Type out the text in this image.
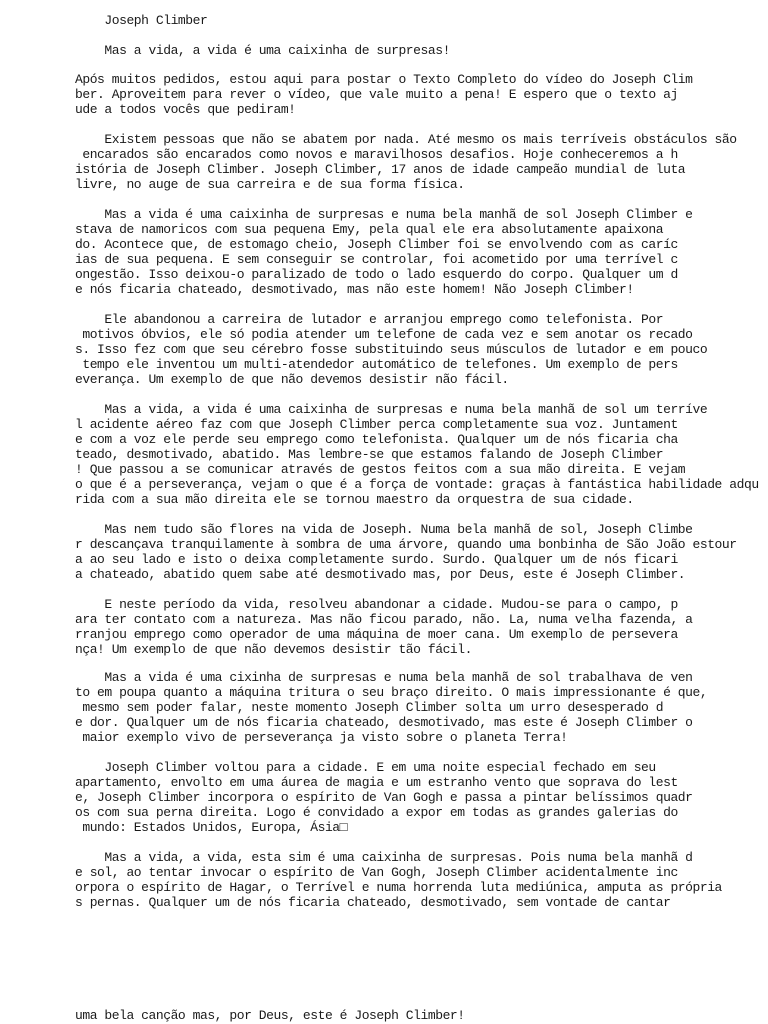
Joseph Climber
Mas a vida, a vida é uma caixinha de surpresas!
Após muitos pedidos, estou aqui para postar o Texto Completo do vídeo do Joseph Clim
ber. Aproveitem para rever o vídeo, que vale muito a pena! E espero que o texto aj
ude a todos vocês que pediram!
Existem pessoas que não se abatem por nada. Até mesmo os mais terríveis obstáculos são
encarados são encarados como novos e maravilhosos desafios. Hoje conheceremos a h
istória de Joseph Climber. Joseph Climber, 17 anos de idade campeão mundial de luta
livre, no auge de sua carreira e de sua forma física.
Mas a vida é uma caixinha de surpresas e numa bela manhã de sol Joseph Climber e
stava de namoricos com sua pequena Emy, pela qual ele era absolutamente apaixona
do. Acontece que, de estomago cheio, Joseph Climber foi se envolvendo com as caríc
ias de sua pequena. E sem conseguir se controlar, foi acometido por uma terrível c
ongestão. Isso deixou-o paralizado de todo o lado esquerdo do corpo. Qualquer um d
e nós ficaria chateado, desmotivado, mas não este homem! Não Joseph Climber!
Ele abandonou a carreira de lutador e arranjou emprego como telefonista. Por
motivos óbvios, ele só podia atender um telefone de cada vez e sem anotar os recado
s. Isso fez com que seu cérebro fosse substituindo seus músculos de lutador e em pouco
tempo ele inventou um multi-atendedor automático de telefones. Um exemplo de pers
everança. Um exemplo de que não devemos desistir não fácil.
Mas a vida, a vida é uma caixinha de surpresas e numa bela manhã de sol um terríve
l acidente aéreo faz com que Joseph Climber perca completamente sua voz. Juntament
e com a voz ele perde seu emprego como telefonista. Qualquer um de nós ficaria cha
teado, desmotivado, abatido. Mas lembre-se que estamos falando de Joseph Climber
! Que passou a se comunicar através de gestos feitos com a sua mão direita. E vejam
o que é a perseverança, vejam o que é a força de vontade: graças à fantástica habilidade adqu
rida com a sua mão direita ele se tornou maestro da orquestra de sua cidade.
Mas nem tudo são flores na vida de Joseph. Numa bela manhã de sol, Joseph Climbe
r descançava tranquilamente à sombra de uma árvore, quando uma bonbinha de São João estour
a ao seu lado e isto o deixa completamente surdo. Surdo. Qualquer um de nós ficari
a chateado, abatido quem sabe até desmotivado mas, por Deus, este é Joseph Climber.
E neste período da vida, resolveu abandonar a cidade. Mudou-se para o campo, p
ara ter contato com a natureza. Mas não ficou parado, não. La, numa velha fazenda, a
rranjou emprego como operador de uma máquina de moer cana. Um exemplo de persevera
nça! Um exemplo de que não devemos desistir tão fácil.
Mas a vida é uma cixinha de surpresas e numa bela manhã de sol trabalhava de ven
to em poupa quanto a máquina tritura o seu braço direito. O mais impressionante é que,
mesmo sem poder falar, neste momento Joseph Climber solta um urro desesperado d
e dor. Qualquer um de nós ficaria chateado, desmotivado, mas este é Joseph Climber o
maior exemplo vivo de perseverança ja visto sobre o planeta Terra!
Joseph Climber voltou para a cidade. E em uma noite especial fechado em seu
apartamento, envolto em uma áurea de magia e um estranho vento que soprava do lest
e, Joseph Climber incorpora o espírito de Van Gogh e passa a pintar belíssimos quadr
os com sua perna direita. Logo é convidado a expor em todas as grandes galerias do
mundo: Estados Unidos, Europa, Ásia□
Mas a vida, a vida, esta sim é uma caixinha de surpresas. Pois numa bela manhã d
e sol, ao tentar invocar o espírito de Van Gogh, Joseph Climber acidentalmente inc
orpora o espírito de Hagar, o Terrível e numa horrenda luta mediúnica, amputa as própria
s pernas. Qualquer um de nós ficaria chateado, desmotivado, sem vontade de cantar
uma bela canção mas, por Deus, este é Joseph Climber!
